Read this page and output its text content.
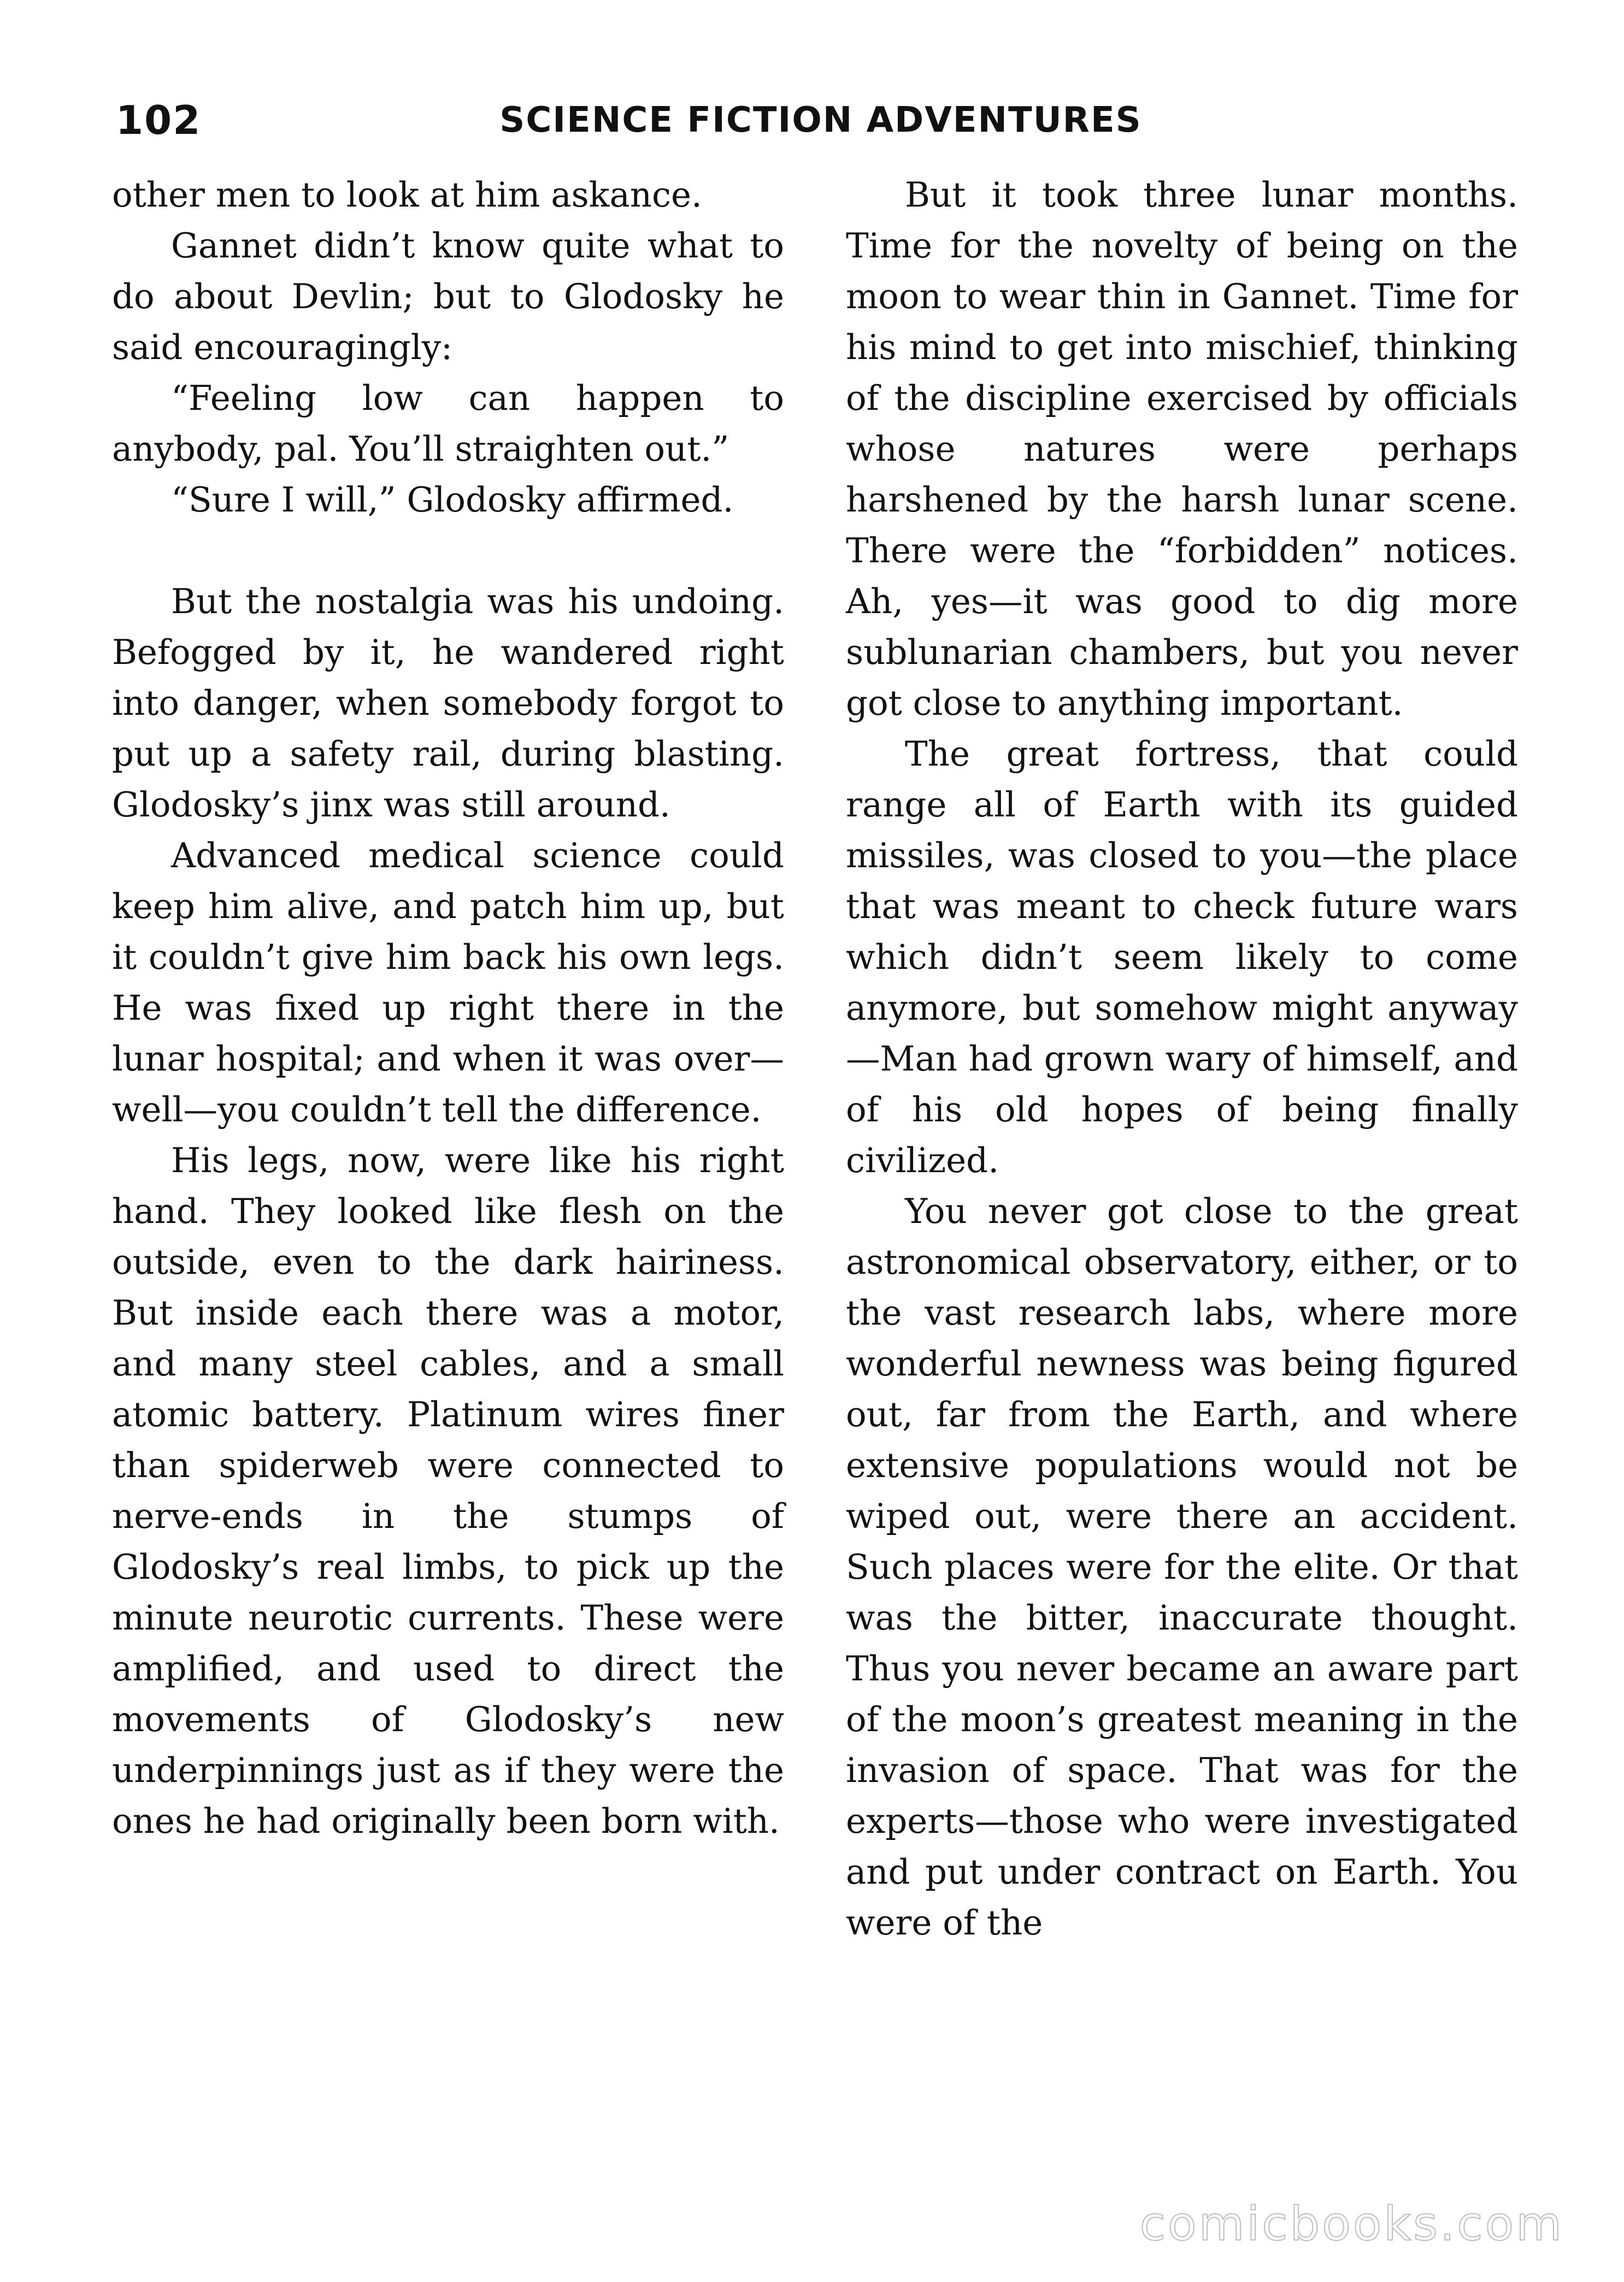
102	SCIENCE FICTION ADVENTURES

other men to look at him askance.

Gannet didn’t know quite what to do about Devlin; but to Glodosky he said encouragingly:

“Feeling low can happen to anybody, pal. You’ll straighten out.”

“Sure I will,” Glodosky affirmed.

But the nostalgia was his undoing. Befogged by it, he wandered right into danger, when somebody forgot to put up a safety rail, during blasting. Glodosky’s jinx was still around.

Advanced medical science could keep him alive, and patch him up, but it couldn’t give him back his own legs. He was fixed up right there in the lunar hospital; and when it was over—well—you couldn’t tell the difference.

His legs, now, were like his right hand. They looked like flesh on the outside, even to the dark hairiness. But inside each there was a motor, and many steel cables, and a small atomic battery. Platinum wires finer than spiderweb were connected to nerve-ends in the stumps of Glodosky’s real limbs, to pick up the minute neurotic currents. These were amplified, and used to direct the movements of Glodosky’s new underpinnings just as if they were the ones he had originally been born with.

But it took three lunar months. Time for the novelty of being on the moon to wear thin in Gannet. Time for his mind to get into mischief, thinking of the discipline exercised by officials whose natures were perhaps harshened by the harsh lunar scene. There were the “forbidden” notices. Ah, yes—it was good to dig more sublunarian chambers, but you never got close to anything important.

The great fortress, that could range all of Earth with its guided missiles, was closed to you—the place that was meant to check future wars which didn’t seem likely to come anymore, but somehow might anyway—Man had grown wary of himself, and of his old hopes of being finally civilized.

You never got close to the great astronomical observatory, either, or to the vast research labs, where more wonderful newness was being figured out, far from the Earth, and where extensive populations would not be wiped out, were there an accident. Such places were for the elite. Or that was the bitter, inaccurate thought. Thus you never became an aware part of the moon’s greatest meaning in the invasion of space. That was for the experts—those who were investigated and put under contract on Earth. You were of the

comicbooks.com
